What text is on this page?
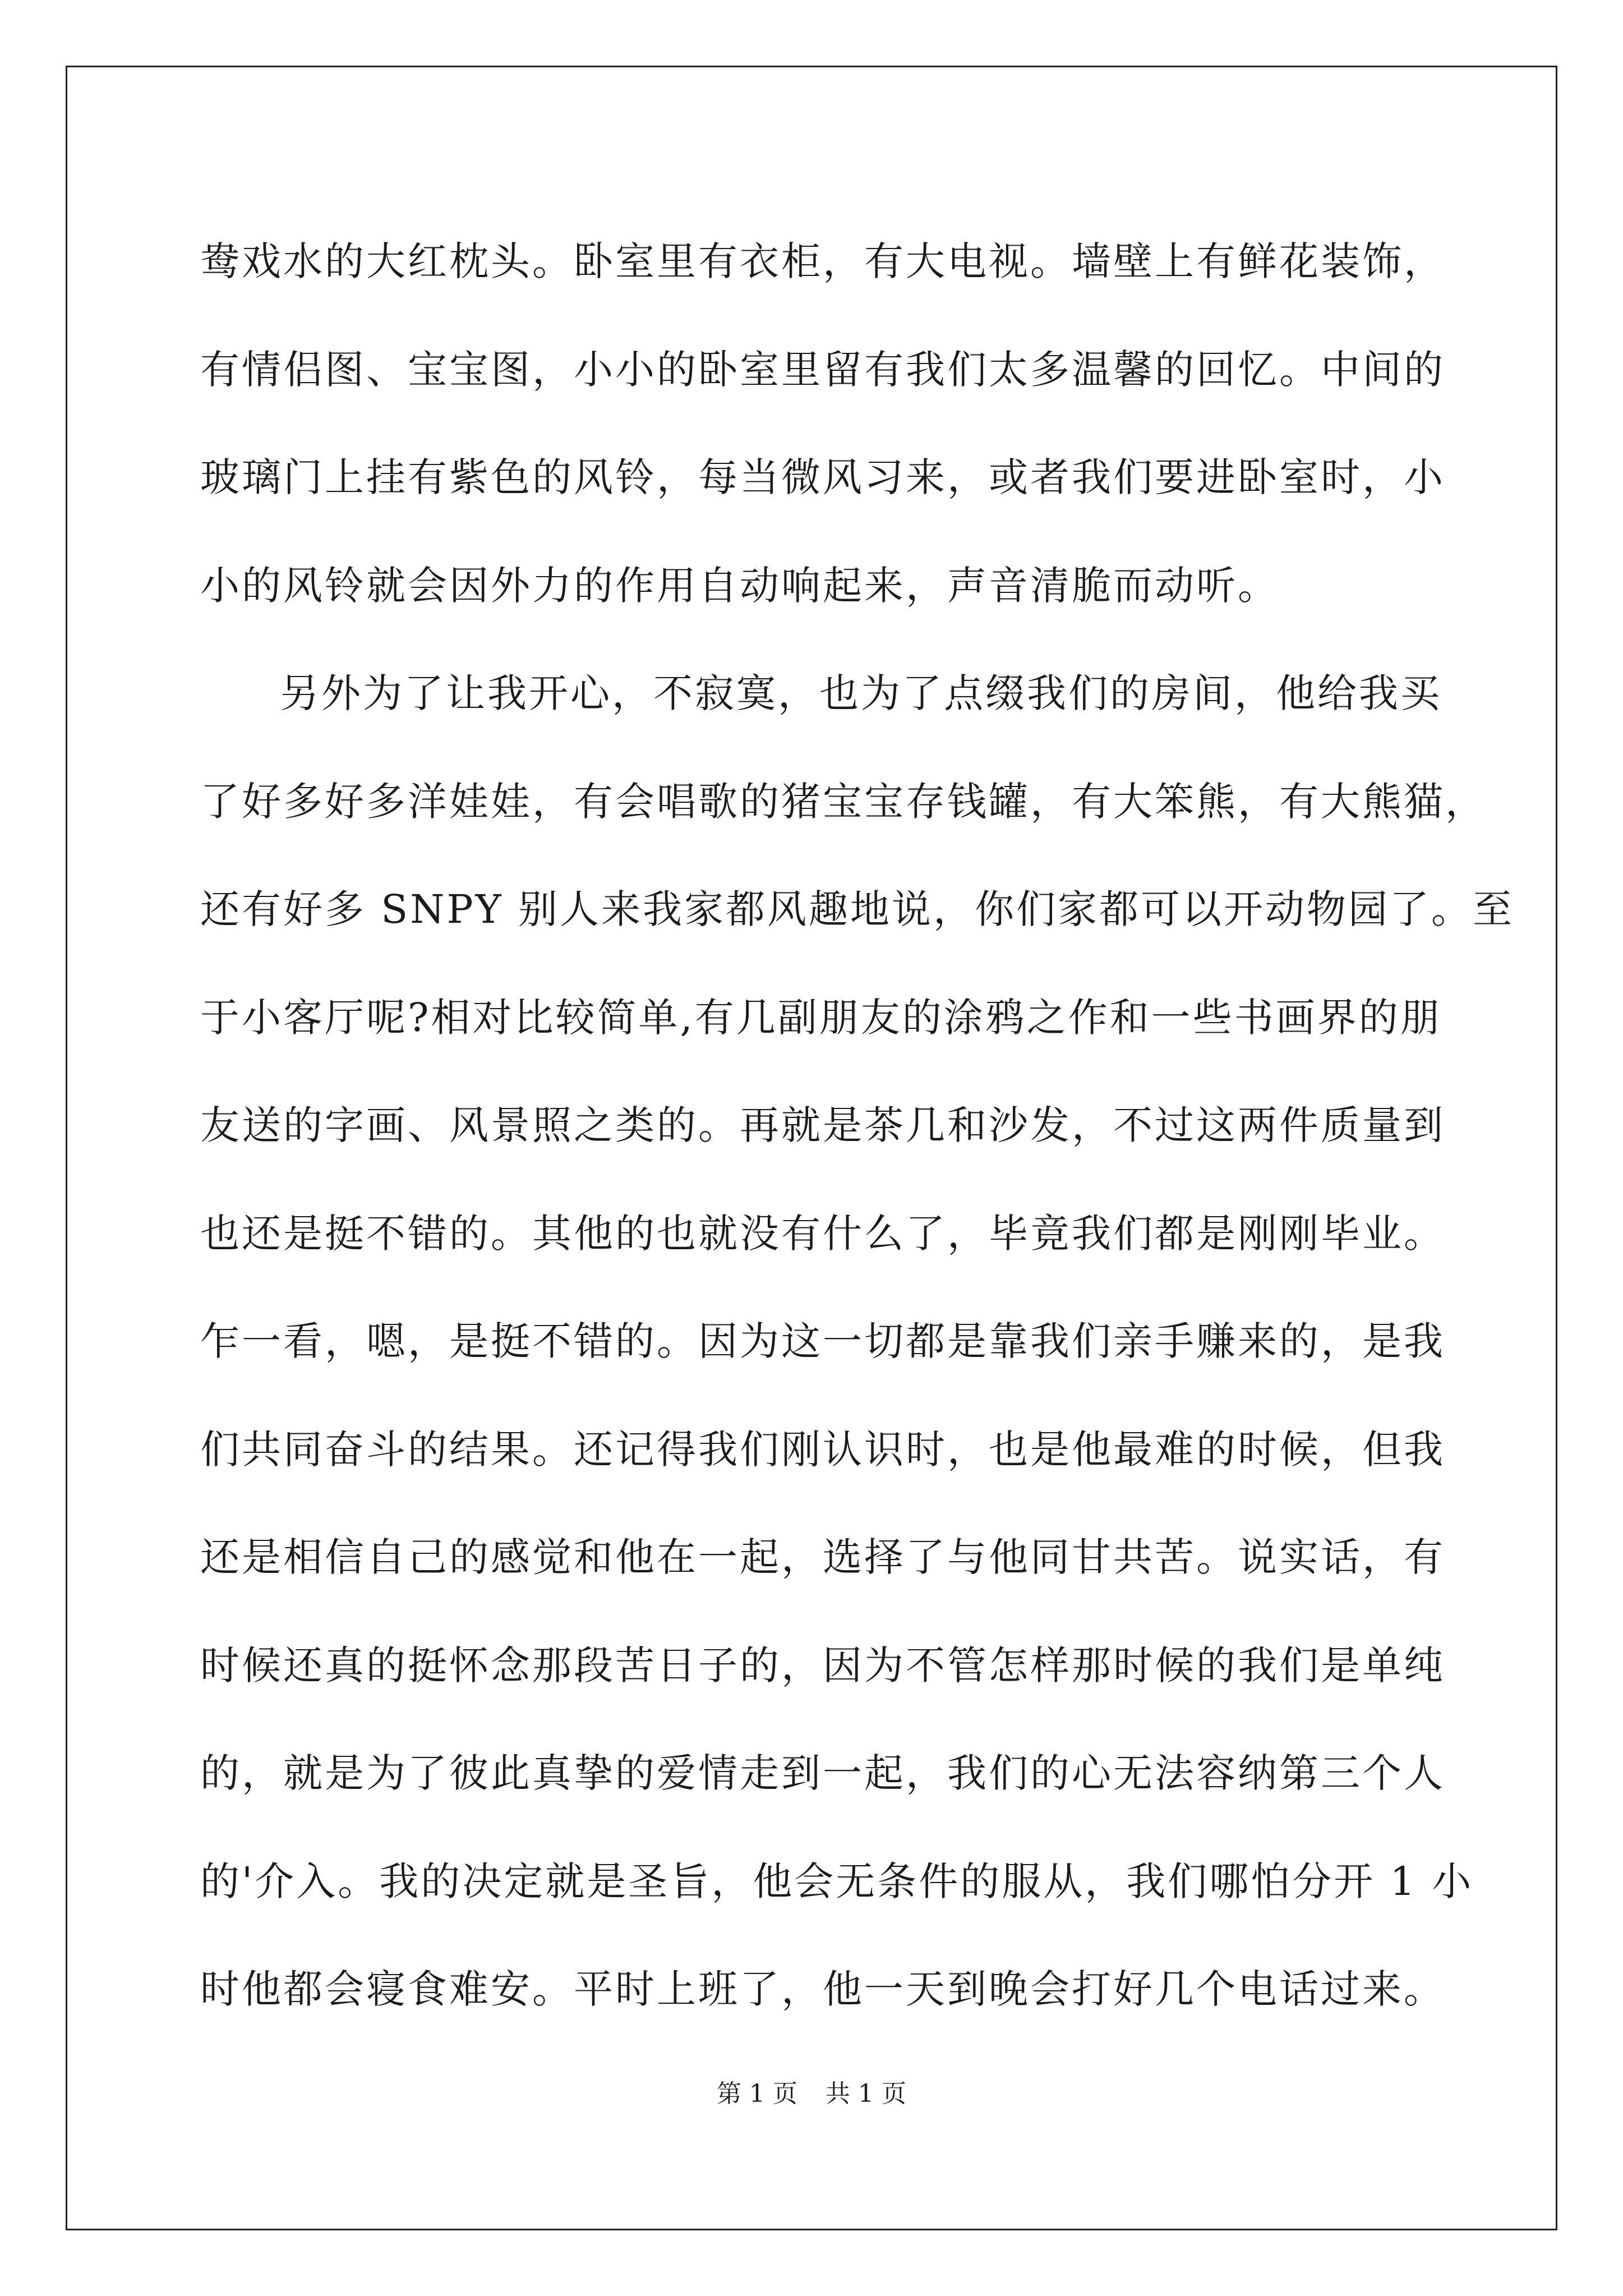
鸯戏水的大红枕头。卧室里有衣柜，有大电视。墙壁上有鲜花装饰，
有情侣图、宝宝图，小小的卧室里留有我们太多温馨的回忆。中间的
玻璃门上挂有紫色的风铃，每当微风习来，或者我们要进卧室时，小
小的风铃就会因外力的作用自动响起来，声音清脆而动听。
另外为了让我开心，不寂寞，也为了点缀我们的房间，他给我买
了好多好多洋娃娃，有会唱歌的猪宝宝存钱罐，有大笨熊，有大熊猫，
还有好多 SNPY 别人来我家都风趣地说，你们家都可以开动物园了。至
于小客厅呢?相对比较简单,有几副朋友的涂鸦之作和一些书画界的朋
友送的字画、风景照之类的。再就是茶几和沙发，不过这两件质量到
也还是挺不错的。其他的也就没有什么了，毕竟我们都是刚刚毕业。
乍一看，嗯，是挺不错的。因为这一切都是靠我们亲手赚来的，是我
们共同奋斗的结果。还记得我们刚认识时，也是他最难的时候，但我
还是相信自己的感觉和他在一起，选择了与他同甘共苦。说实话，有
时候还真的挺怀念那段苦日子的，因为不管怎样那时候的我们是单纯
的，就是为了彼此真挚的爱情走到一起，我们的心无法容纳第三个人
的'介入。我的决定就是圣旨，他会无条件的服从，我们哪怕分开 1 小
时他都会寝食难安。平时上班了，他一天到晚会打好几个电话过来。
第 1 页 共 1 页
